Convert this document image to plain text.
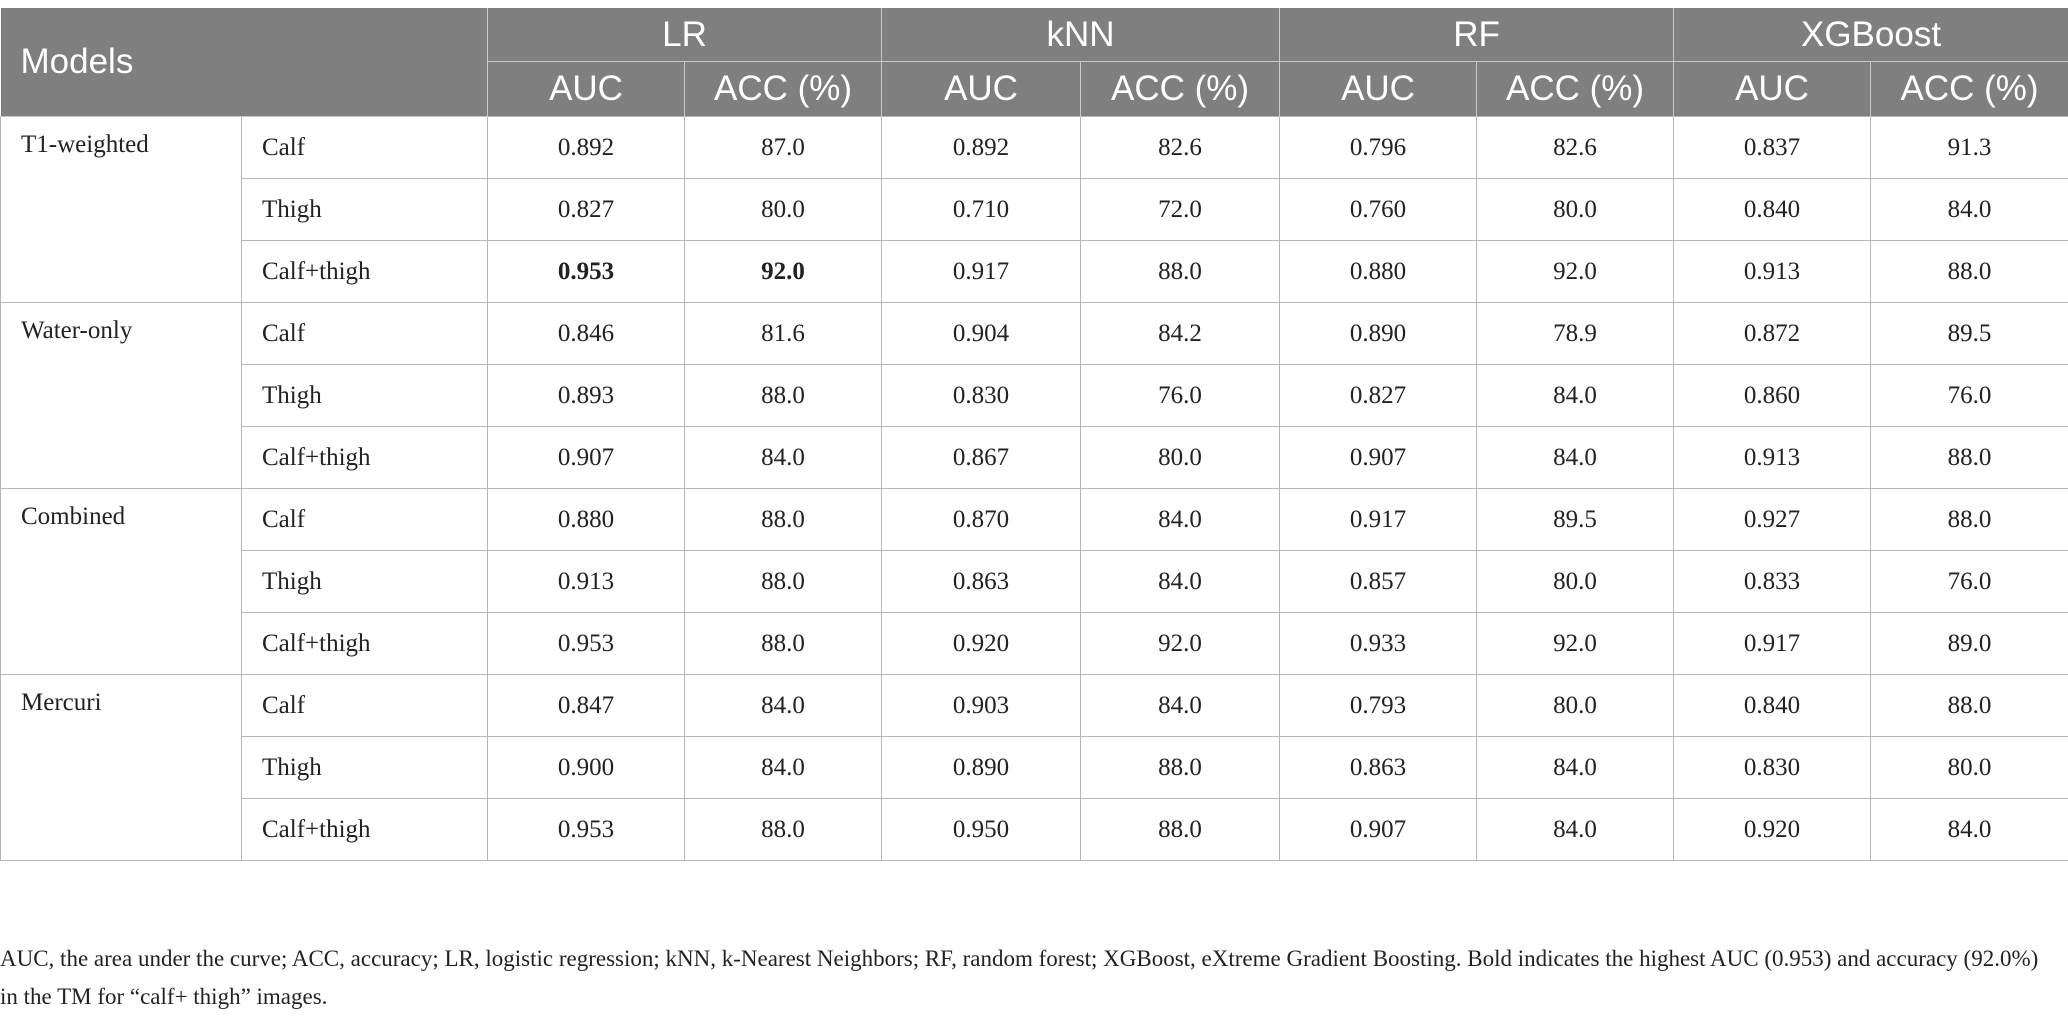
Models		LR		kNN		RF		XGBoost	
		AUC	ACC (%)	AUC	ACC (%)	AUC	ACC (%)	AUC	ACC (%)
T1-weighted	Calf	0.892	87.0	0.892	82.6	0.796	82.6	0.837	91.3
	Thigh	0.827	80.0	0.710	72.0	0.760	80.0	0.840	84.0
	Calf+thigh	0.953	92.0	0.917	88.0	0.880	92.0	0.913	88.0
Water-only	Calf	0.846	81.6	0.904	84.2	0.890	78.9	0.872	89.5
	Thigh	0.893	88.0	0.830	76.0	0.827	84.0	0.860	76.0
	Calf+thigh	0.907	84.0	0.867	80.0	0.907	84.0	0.913	88.0
Combined	Calf	0.880	88.0	0.870	84.0	0.917	89.5	0.927	88.0
	Thigh	0.913	88.0	0.863	84.0	0.857	80.0	0.833	76.0
	Calf+thigh	0.953	88.0	0.920	92.0	0.933	92.0	0.917	89.0
Mercuri	Calf	0.847	84.0	0.903	84.0	0.793	80.0	0.840	88.0
	Thigh	0.900	84.0	0.890	88.0	0.863	84.0	0.830	80.0
	Calf+thigh	0.953	88.0	0.950	88.0	0.907	84.0	0.920	84.0
AUC, the area under the curve; ACC, accuracy; LR, logistic regression; kNN, k-Nearest Neighbors; RF, random forest; XGBoost, eXtreme Gradient Boosting. Bold indicates the highest AUC (0.953) and accuracy (92.0%) in the TM for “calf+ thigh” images.
